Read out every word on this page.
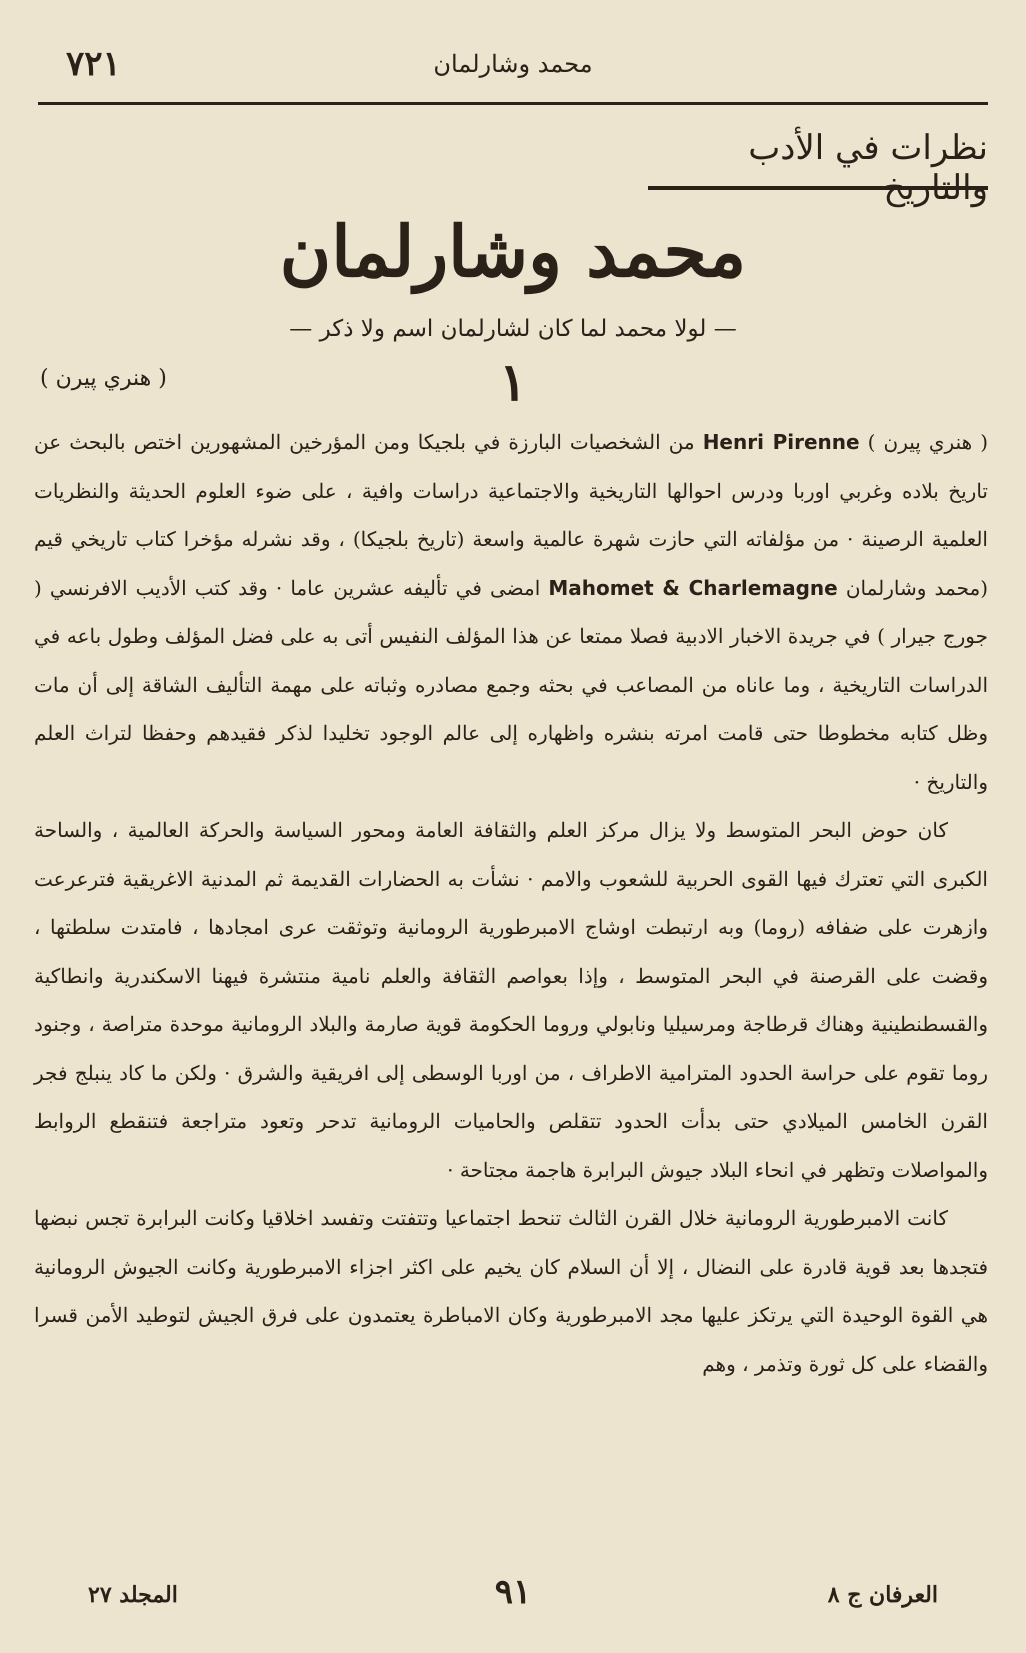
٧٢١	محمد وشارلمان
نظرات في الأدب والتاريخ
محمد وشارلمان
— لولا محمد لما كان لشارلمان اسم ولا ذكر —
( هنري پيرن )	١

( هنري پيرن ) Henri Pirenne من الشخصيات البارزة في بلجيكا ومن المؤرخين المشهورين اختص بالبحث عن تاريخ بلاده وغربي اوربا ودرس احوالها التاريخية والاجتماعية دراسات وافية ، على ضوء العلوم الحديثة والنظريات العلمية الرصينة · من مؤلفاته التي حازت شهرة عالمية واسعة (تاريخ بلجيكا) ، وقد نشرله مؤخرا كتاب تاريخي قيم (محمد وشارلمان Mahomet & Charlemagne امضى في تأليفه عشرين عاما · وقد كتب الأديب الافرنسي ( جورج جيرار ) في جريدة الاخبار الادبية فصلا ممتعا عن هذا المؤلف النفيس أتى به على فضل المؤلف وطول باعه في الدراسات التاريخية ، وما عاناه من المصاعب في بحثه وجمع مصادره وثباته على مهمة التأليف الشاقة إلى أن مات وظل كتابه مخطوطا حتى قامت امرته بنشره واظهاره إلى عالم الوجود تخليدا لذكر فقيدهم وحفظا لتراث العلم والتاريخ ·

كان حوض البحر المتوسط ولا يزال مركز العلم والثقافة العامة ومحور السياسة والحركة العالمية ، والساحة الكبرى التي تعترك فيها القوى الحربية للشعوب والامم · نشأت به الحضارات القديمة ثم المدنية الاغريقية فترعرعت وازهرت على ضفافه (روما) وبه ارتبطت اوشاج الامبرطورية الرومانية وتوثقت عرى امجادها ، فامتدت سلطتها ، وقضت على القرصنة في البحر المتوسط ، وإذا بعواصم الثقافة والعلم نامية منتشرة فيهنا الاسكندرية وانطاكية والقسطنطينية وهناك قرطاجة ومرسيليا ونابولي وروما الحكومة قوية صارمة والبلاد الرومانية موحدة متراصة ، وجنود روما تقوم على حراسة الحدود المترامية الاطراف ، من اوربا الوسطى إلى افريقية والشرق · ولكن ما كاد ينبلج فجر القرن الخامس الميلادي حتى بدأت الحدود تتقلص والحاميات الرومانية تدحر وتعود متراجعة فتنقطع الروابط والمواصلات وتظهر في انحاء البلاد جيوش البرابرة هاجمة مجتاحة ·

كانت الامبرطورية الرومانية خلال القرن الثالث تنحط اجتماعيا وتتفتت وتفسد اخلاقيا وكانت البرابرة تجس نبضها فتجدها بعد قوية قادرة على النضال ، إلا أن السلام كان يخيم على اكثر اجزاء الامبرطورية وكانت الجيوش الرومانية هي القوة الوحيدة التي يرتكز عليها مجد الامبرطورية وكان الامباطرة يعتمدون على فرق الجيش لتوطيد الأمن قسرا والقضاء على كل ثورة وتذمر ، وهم

المجلد ٢٧	٩١	العرفان ج ٨
